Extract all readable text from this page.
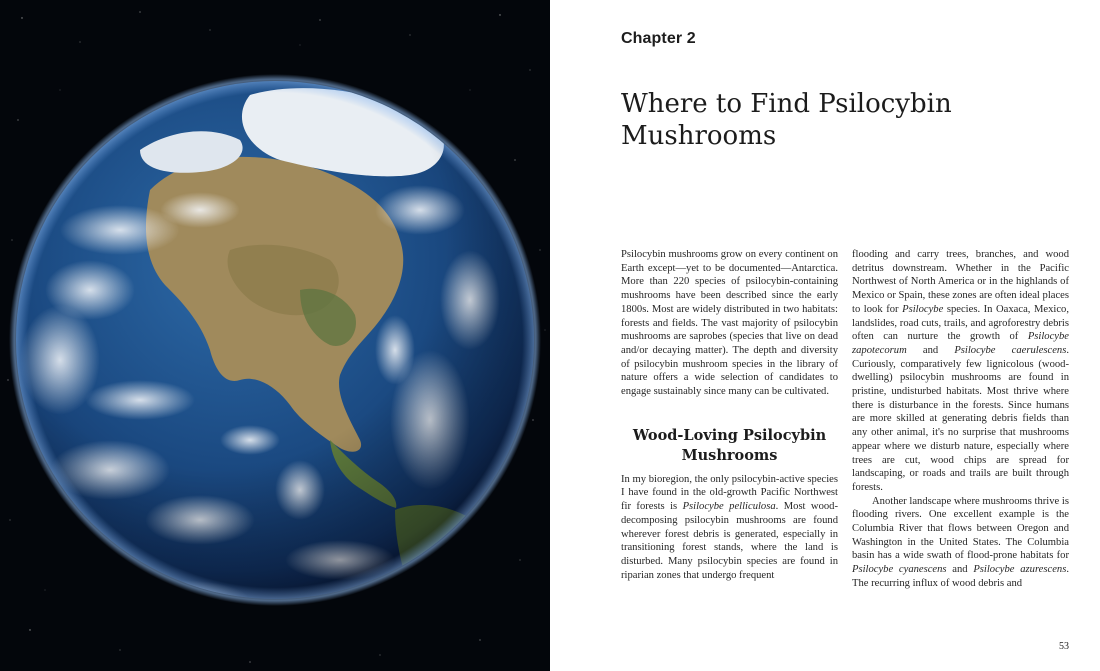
Chapter 2
Where to Find Psilocybin Mushrooms

Psilocybin mushrooms grow on every continent on Earth except—yet to be documented—Antarctica. More than 220 species of psilocybin-containing mushrooms have been described since the early 1800s. Most are widely distributed in two habitats: forests and fields. The vast majority of psilocybin mushrooms are saprobes (species that live on dead and/or decaying matter). The depth and diversity of psilocybin mushroom species in the library of nature offers a wide selection of candidates to engage sustainably since many can be cultivated.

Wood-Loving Psilocybin Mushrooms

In my bioregion, the only psilocybin-active species I have found in the old-growth Pacific Northwest fir forests is Psilocybe pelliculosa. Most wood-decomposing psilocybin mushrooms are found wherever forest debris is generated, especially in transitioning forest stands, where the land is disturbed. Many psilocybin species are found in riparian zones that undergo frequent

flooding and carry trees, branches, and wood detritus downstream. Whether in the Pacific Northwest of North America or in the highlands of Mexico or Spain, these zones are often ideal places to look for Psilocybe species. In Oaxaca, Mexico, landslides, road cuts, trails, and agroforestry debris often can nurture the growth of Psilocybe zapotecorum and Psilocybe caerulescens. Curiously, comparatively few lignicolous (wood-dwelling) psilocybin mushrooms are found in pristine, undisturbed habitats. Most thrive where there is disturbance in the forests. Since humans are more skilled at generating debris fields than any other animal, it's no surprise that mushrooms appear where we disturb nature, especially where trees are cut, wood chips are spread for landscaping, or roads and trails are built through forests.

Another landscape where mushrooms thrive is flooding rivers. One excellent example is the Columbia River that flows between Oregon and Washington in the United States. The Columbia basin has a wide swath of flood-prone habitats for Psilocybe cyanescens and Psilocybe azurescens. The recurring influx of wood debris and

53
